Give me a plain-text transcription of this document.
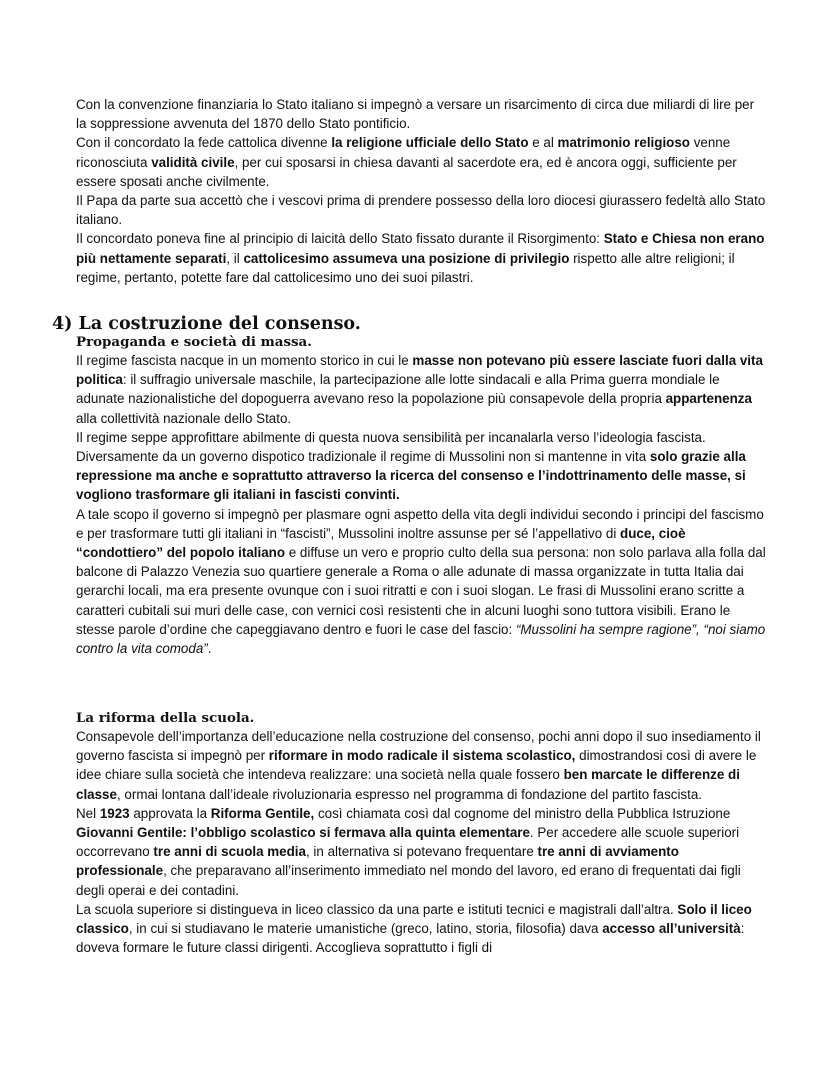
Con la convenzione finanziaria lo Stato italiano si impegnò a versare un risarcimento di circa due miliardi di lire per la soppressione avvenuta del 1870 dello Stato pontificio.

Con il concordato la fede cattolica divenne la religione ufficiale dello Stato e al matrimonio religioso venne riconosciuta validità civile, per cui sposarsi in chiesa davanti al sacerdote era, ed è ancora oggi, sufficiente per essere sposati anche civilmente.

Il Papa da parte sua accettò che i vescovi prima di prendere possesso della loro diocesi giurassero fedeltà allo Stato italiano.

Il concordato poneva fine al principio di laicità dello Stato fissato durante il Risorgimento: Stato e Chiesa non erano più nettamente separati, il cattolicesimo assumeva una posizione di privilegio rispetto alle altre religioni; il regime, pertanto, potette fare dal cattolicesimo uno dei suoi pilastri.

4) La costruzione del consenso.
Propaganda e società di massa.

Il regime fascista nacque in un momento storico in cui le masse non potevano più essere lasciate fuori dalla vita politica: il suffragio universale maschile, la partecipazione alle lotte sindacali e alla Prima guerra mondiale le adunate nazionalistiche del dopoguerra avevano reso la popolazione più consapevole della propria appartenenza alla collettività nazionale dello Stato.

Il regime seppe approfittare abilmente di questa nuova sensibilità per incanalarla verso l’ideologia fascista. Diversamente da un governo dispotico tradizionale il regime di Mussolini non si mantenne in vita solo grazie alla repressione ma anche e soprattutto attraverso la ricerca del consenso e l’indottrinamento delle masse, si vogliono trasformare gli italiani in fascisti convinti.

A tale scopo il governo si impegnò per plasmare ogni aspetto della vita degli individui secondo i principi del fascismo e per trasformare tutti gli italiani in “fascisti”, Mussolini inoltre assunse per sé l’appellativo di duce, cioè “condottiero” del popolo italiano e diffuse un vero e proprio culto della sua persona: non solo parlava alla folla dal balcone di Palazzo Venezia suo quartiere generale a Roma o alle adunate di massa organizzate in tutta Italia dai gerarchi locali, ma era presente ovunque con i suoi ritratti e con i suoi slogan. Le frasi di Mussolini erano scritte a caratteri cubitali sui muri delle case, con vernici così resistenti che in alcuni luoghi sono tuttora visibili. Erano le stesse parole d’ordine che capeggiavano dentro e fuori le case del fascio: “Mussolini ha sempre ragione”, “noi siamo contro la vita comoda”.

La riforma della scuola.

Consapevole dell’importanza dell’educazione nella costruzione del consenso, pochi anni dopo il suo insediamento il governo fascista si impegnò per riformare in modo radicale il sistema scolastico, dimostrandosi così di avere le idee chiare sulla società che intendeva realizzare: una società nella quale fossero ben marcate le differenze di classe, ormai lontana dall’ideale rivoluzionaria espresso nel programma di fondazione del partito fascista.

Nel 1923 approvata la Riforma Gentile, così chiamata così dal cognome del ministro della Pubblica Istruzione Giovanni Gentile: l’obbligo scolastico si fermava alla quinta elementare. Per accedere alle scuole superiori occorrevano tre anni di scuola media, in alternativa si potevano frequentare tre anni di avviamento professionale, che preparavano all’inserimento immediato nel mondo del lavoro, ed erano di frequentati dai figli degli operai e dei contadini.

La scuola superiore si distingueva in liceo classico da una parte e istituti tecnici e magistrali dall’altra. Solo il liceo classico, in cui si studiavano le materie umanistiche (greco, latino, storia, filosofia) dava accesso all’università: doveva formare le future classi dirigenti. Accoglieva soprattutto i figli di
